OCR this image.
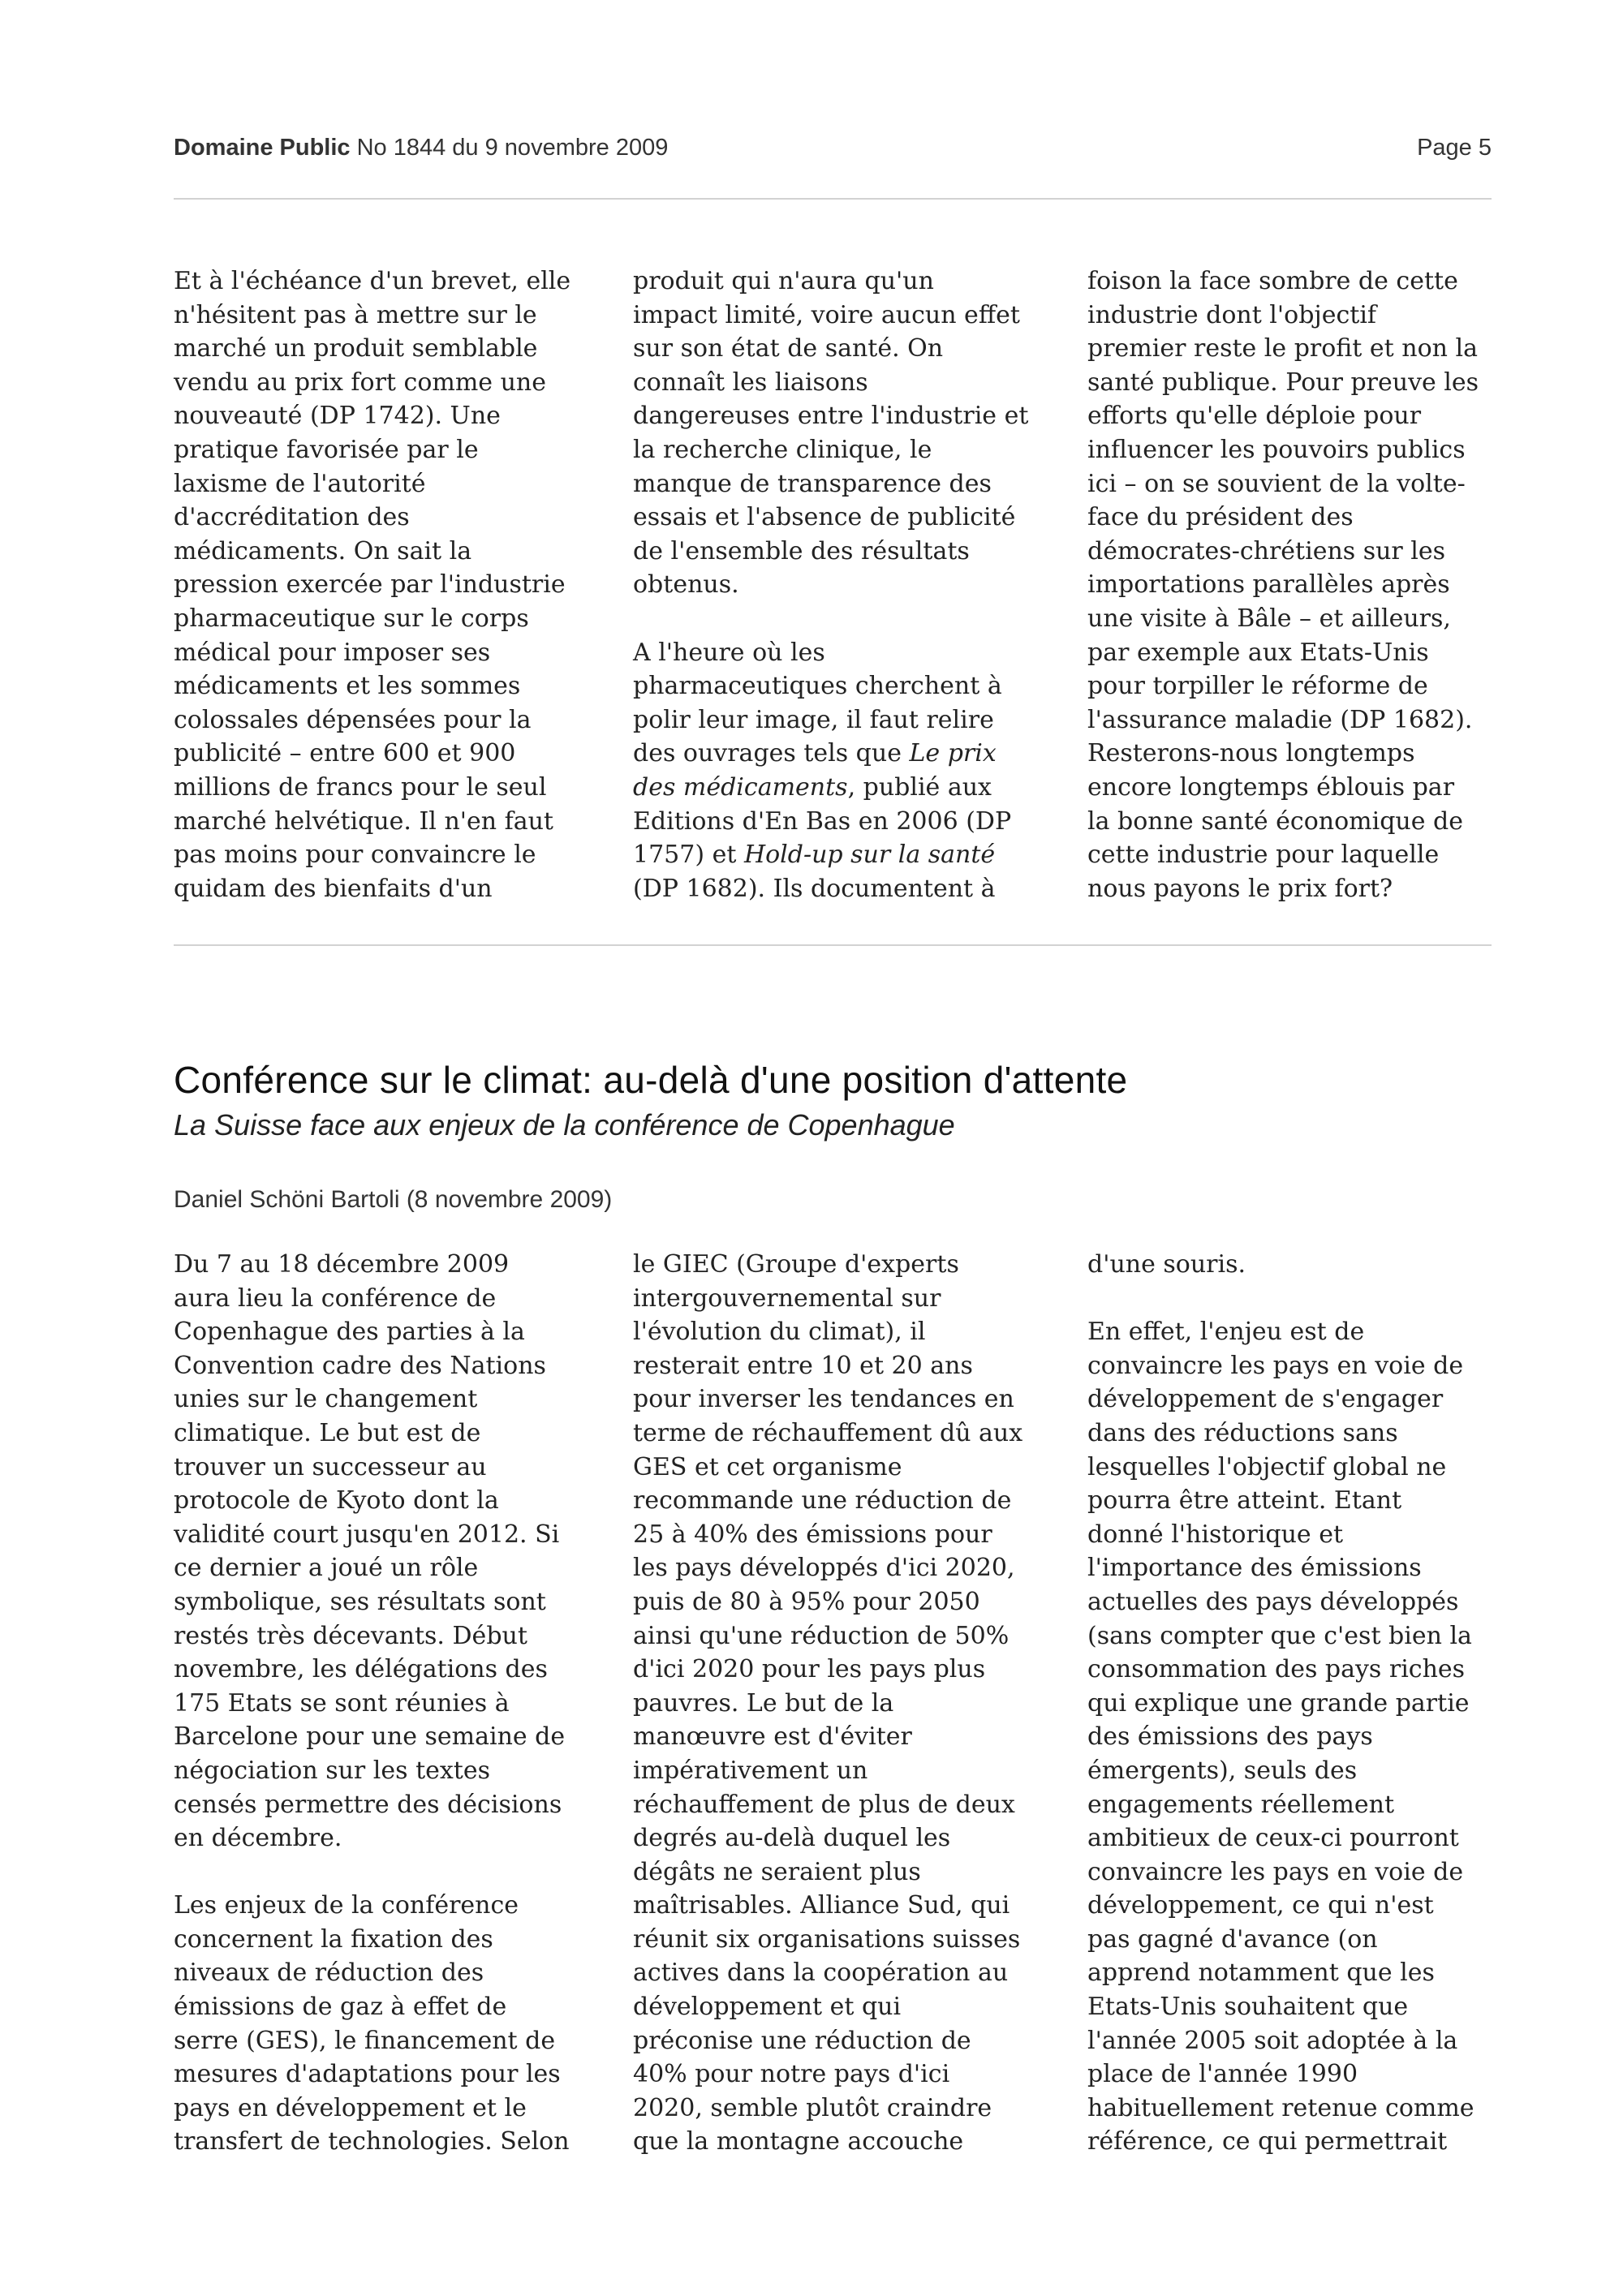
Domaine Public No 1844 du 9 novembre 2009	Page 5

Et à l'échéance d'un brevet, elle
n'hésitent pas à mettre sur le
marché un produit semblable
vendu au prix fort comme une
nouveauté (DP 1742). Une
pratique favorisée par le
laxisme de l'autorité
d'accréditation des
médicaments. On sait la
pression exercée par l'industrie
pharmaceutique sur le corps
médical pour imposer ses
médicaments et les sommes
colossales dépensées pour la
publicité – entre 600 et 900
millions de francs pour le seul
marché helvétique. Il n'en faut
pas moins pour convaincre le
quidam des bienfaits d'un

produit qui n'aura qu'un
impact limité, voire aucun effet
sur son état de santé. On
connaît les liaisons
dangereuses entre l'industrie et
la recherche clinique, le
manque de transparence des
essais et l'absence de publicité
de l'ensemble des résultats
obtenus.

A l'heure où les
pharmaceutiques cherchent à
polir leur image, il faut relire
des ouvrages tels que Le prix
des médicaments, publié aux
Editions d'En Bas en 2006 (DP
1757) et Hold-up sur la santé
(DP 1682). Ils documentent à

foison la face sombre de cette
industrie dont l'objectif
premier reste le profit et non la
santé publique. Pour preuve les
efforts qu'elle déploie pour
influencer les pouvoirs publics
ici – on se souvient de la volte-
face du président des
démocrates-chrétiens sur les
importations parallèles après
une visite à Bâle – et ailleurs,
par exemple aux Etats-Unis
pour torpiller le réforme de
l'assurance maladie (DP 1682).
Resterons-nous longtemps
encore longtemps éblouis par
la bonne santé économique de
cette industrie pour laquelle
nous payons le prix fort?

Conférence sur le climat: au-delà d'une position d'attente
La Suisse face aux enjeux de la conférence de Copenhague
Daniel Schöni Bartoli (8 novembre 2009)

Du 7 au 18 décembre 2009
aura lieu la conférence de
Copenhague des parties à la
Convention cadre des Nations
unies sur le changement
climatique. Le but est de
trouver un successeur au
protocole de Kyoto dont la
validité court jusqu'en 2012. Si
ce dernier a joué un rôle
symbolique, ses résultats sont
restés très décevants. Début
novembre, les délégations des
175 Etats se sont réunies à
Barcelone pour une semaine de
négociation sur les textes
censés permettre des décisions
en décembre.

Les enjeux de la conférence
concernent la fixation des
niveaux de réduction des
émissions de gaz à effet de
serre (GES), le financement de
mesures d'adaptations pour les
pays en développement et le
transfert de technologies. Selon

le GIEC (Groupe d'experts
intergouvernemental sur
l'évolution du climat), il
resterait entre 10 et 20 ans
pour inverser les tendances en
terme de réchauffement dû aux
GES et cet organisme
recommande une réduction de
25 à 40% des émissions pour
les pays développés d'ici 2020,
puis de 80 à 95% pour 2050
ainsi qu'une réduction de 50%
d'ici 2020 pour les pays plus
pauvres. Le but de la
manœuvre est d'éviter
impérativement un
réchauffement de plus de deux
degrés au-delà duquel les
dégâts ne seraient plus
maîtrisables. Alliance Sud, qui
réunit six organisations suisses
actives dans la coopération au
développement et qui
préconise une réduction de
40% pour notre pays d'ici
2020, semble plutôt craindre
que la montagne accouche

d'une souris.

En effet, l'enjeu est de
convaincre les pays en voie de
développement de s'engager
dans des réductions sans
lesquelles l'objectif global ne
pourra être atteint. Etant
donné l'historique et
l'importance des émissions
actuelles des pays développés
(sans compter que c'est bien la
consommation des pays riches
qui explique une grande partie
des émissions des pays
émergents), seuls des
engagements réellement
ambitieux de ceux-ci pourront
convaincre les pays en voie de
développement, ce qui n'est
pas gagné d'avance (on
apprend notamment que les
Etats-Unis souhaitent que
l'année 2005 soit adoptée à la
place de l'année 1990
habituellement retenue comme
référence, ce qui permettrait
